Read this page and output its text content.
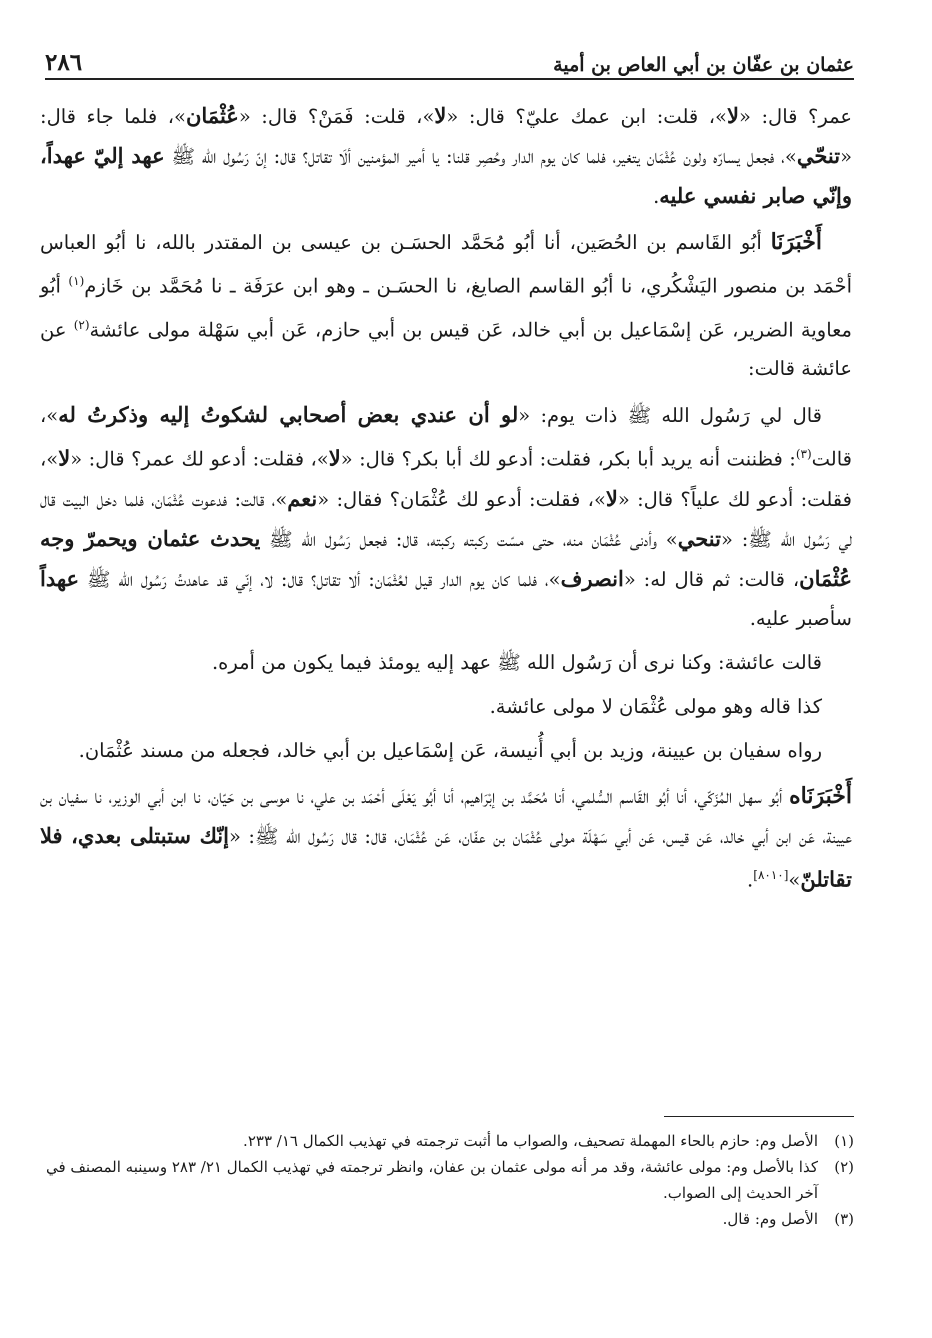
عثمان بن عفّان بن أبي العاص بن أمية
٢٨٦

عمر؟ قال: «لا»، قلت: ابن عمك عليّ؟ قال: «لا»، قلت: فَمَنْ؟ قال: «عُثْمَان»، فلما جاء قال: «تنحّي»، فجعل يسارّه ولون عُثْمَان يتغير، فلما كان يوم الدار وحُصِر قلنا: يا أمير المؤمنين ألَا تقاتل؟ قال: إنّ رَسُول الله ﷺ عهد إليّ عهداً، وإنّي صابر نفسي عليه.

أَخْبَرَنَا أبُو القَاسم بن الحُصَين، أنا أبُو مُحَمَّد الحسَـن بن عيسى بن المقتدر بالله، نا أبُو العباس أحْمَد بن منصور اليَشْكُري، نا أبُو القاسم الصايغ، نا الحسَـن ـ وهو ابن عرَفَة ـ نا مُحَمَّد بن خَازم$^{(١)}$ أبُو معاوية الضرير، عَن إسْمَاعيل بن أبي خالد، عَن قيس بن أبي حازم، عَن أبي سَهْلة مولى عائشة$^{(٢)}$ عن عائشة قالت:

قال لي رَسُول الله ﷺ ذات يوم: «لو أن عندي بعض أصحابي لشكوتُ إليه وذكرتُ له»، قالت$^{(٣)}$: فظننت أنه يريد أبا بكر، فقلت: أدعو لك أبا بكر؟ قال: «لا»، فقلت: أدعو لك عمر؟ قال: «لا»، فقلت: أدعو لك علياً؟ قال: «لا»، فقلت: أدعو لك عُثْمَان؟ فقال: «نعم»، قالت: فدعوت عُثْمَان، فلما دخل البيت قال لي رَسُول الله ﷺ: «تنحي» وأدنى عُثْمَان منه، حتى مسّت ركبته ركبته، قال: فجعل رَسُول الله ﷺ يحدث عثمان ويحمرّ وجه عُثْمَان، قالت: ثم قال له: «انصرف»، فلما كان يوم الدار قيل لعُثْمَان: ألا تقاتل؟ قال: لا، إنّي قد عاهدتُ رَسُول الله ﷺ عهداً سأصبر عليه.

قالت عائشة: وكنا نرى أن رَسُول الله ﷺ عهد إليه يومئذ فيما يكون من أمره.

كذا قاله وهو مولى عُثْمَان لا مولى عائشة.

رواه سفيان بن عيينة، وزيد بن أبي أُنيسة، عَن إسْمَاعيل بن أبي خالد، فجعله من مسند عُثْمَان.

أَخْبَرَنَاه أبُو سهل المُزَكّي، أنا أبُو القَاسم السُّلمي، أنا مُحَمَّد بن إبْرَاهيم، أنا أبُو يَعْلَى أحْمَد بن علي، نا موسى بن حَيّان، نا ابن أبي الوزير، نا سفيان بن عيينة، عَن ابن أبي خالد، عَن قيس، عَن أبي سَهْلَة مولى عُثْمَان بن عفّان، عَن عُثْمَان، قال: قال رَسُول الله ﷺ: «إنّك ستبتلى بعدي، فلا تقاتلنّ»[٨٠١٠].

(١)
الأصل وم: حازم بالحاء المهملة تصحيف، والصواب ما أثبت ترجمته في تهذيب الكمال ١٦/ ٢٣٣.

(٢)
كذا بالأصل وم: مولى عائشة، وقد مر أنه مولى عثمان بن عفان، وانظر ترجمته في تهذيب الكمال ٢١/ ٢٨٣ وسينبه المصنف في آخر الحديث إلى الصواب.

(٣)
الأصل وم: قال.
